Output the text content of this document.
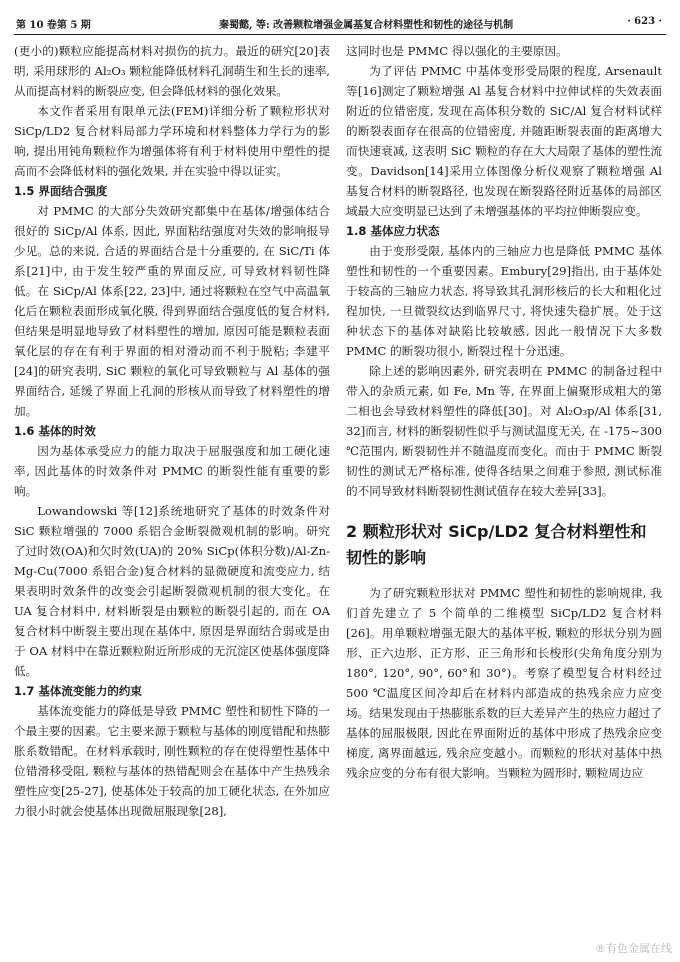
第 10 卷第 5 期	秦蜀懿, 等: 改善颗粒增强金属基复合材料塑性和韧性的途径与机制	· 623 ·

(更小的)颗粒应能提高材料对损伤的抗力。最近的研究[20]表明, 采用球形的 Al₂O₃ 颗粒能降低材料孔洞萌生和生长的速率, 从而提高材料的断裂应变, 但会降低材料的强化效果。

本文作者采用有限单元法(FEM)详细分析了颗粒形状对 SiCp/LD2 复合材料局部力学环境和材料整体力学行为的影响, 提出用钝角颗粒作为增强体将有利于材料使用中塑性的提高而不会降低材料的强化效果, 并在实验中得以证实。

1.5 界面结合强度

对 PMMC 的大部分失效研究都集中在基体/增强体结合很好的 SiCp/Al 体系, 因此, 界面粘结强度对失效的影响报导少见。总的来说, 合适的界面结合是十分重要的, 在 SiC/Ti 体系[21]中, 由于发生较严重的界面反应, 可导致材料韧性降低。在 SiCp/Al 体系[22, 23]中, 通过将颗粒在空气中高温氧化后在颗粒表面形成氧化膜, 得到界面结合强度低的复合材料, 但结果是明显地导致了材料塑性的增加, 原因可能是颗粒表面氧化层的存在有利于界面的相对滑动而不利于脱粘; 李建平[24]的研究表明, SiC 颗粒的氧化可导致颗粒与 Al 基体的强界面结合, 延缓了界面上孔洞的形核从而导致了材料塑性的增加。

1.6 基体的时效

因为基体承受应力的能力取决于屈服强度和加工硬化速率, 因此基体的时效条件对 PMMC 的断裂性能有重要的影响。

Lowandowski 等[12]系统地研究了基体的时效条件对 SiC 颗粒增强的 7000 系铝合金断裂微观机制的影响。研究了过时效(OA)和欠时效(UA)的 20% SiCp(体积分数)/Al-Zn-Mg-Cu(7000 系铝合金)复合材料的显微硬度和流变应力, 结果表明时效条件的改变会引起断裂微观机制的很大变化。在 UA 复合材料中, 材料断裂是由颗粒的断裂引起的, 而在 OA 复合材料中断裂主要出现在基体中, 原因是界面结合弱或是由于 OA 材料中在靠近颗粒附近所形成的无沉淀区使基体强度降低。

1.7 基体流变能力的约束

基体流变能力的降低是导致 PMMC 塑性和韧性下降的一个最主要的因素。它主要来源于颗粒与基体的刚度错配和热膨胀系数错配。在材料承载时, 刚性颗粒的存在使得塑性基体中位错滑移受阻, 颗粒与基体的热错配则会在基体中产生热残余塑性应变[25-27], 使基体处于较高的加工硬化状态, 在外加应力很小时就会使基体出现微屈服现象[28],

这同时也是 PMMC 得以强化的主要原因。

为了评估 PMMC 中基体变形受局限的程度, Arsenault 等[16]测定了颗粒增强 Al 基复合材料中拉伸试样的失效表面附近的位错密度, 发现在高体积分数的 SiC/Al 复合材料试样的断裂表面存在很高的位错密度, 并随距断裂表面的距离增大而快速衰减, 这表明 SiC 颗粒的存在大大局限了基体的塑性流变。Davidson[14]采用立体图像分析仪观察了颗粒增强 Al 基复合材料的断裂路径, 也发现在断裂路径附近基体的局部区域最大应变明显已达到了未增强基体的平均拉伸断裂应变。

1.8 基体应力状态

由于变形受限, 基体内的三轴应力也是降低 PMMC 基体塑性和韧性的一个重要因素。Embury[29]指出, 由于基体处于较高的三轴应力状态, 将导致其孔洞形核后的长大和粗化过程加快, 一旦微裂纹达到临界尺寸, 将快速失稳扩展。处于这种状态下的基体对缺陷比较敏感, 因此一般情况下大多数 PMMC 的断裂功很小, 断裂过程十分迅速。

除上述的影响因素外, 研究表明在 PMMC 的制备过程中带入的杂质元素, 如 Fe, Mn 等, 在界面上偏聚形成粗大的第二相也会导致材料塑性的降低[30]。对 Al₂O₃p/Al 体系[31, 32]而言, 材料的断裂韧性似乎与测试温度无关, 在 -175~300 ℃范围内, 断裂韧性并不随温度而变化。而由于 PMMC 断裂韧性的测试无严格标准, 使得各结果之间难于参照, 测试标准的不同导致材料断裂韧性测试值存在较大差异[33]。

2 颗粒形状对 SiCp/LD2 复合材料塑性和韧性的影响

为了研究颗粒形状对 PMMC 塑性和韧性的影响规律, 我们首先建立了 5 个简单的二维模型 SiCp/LD2 复合材料[26]。用单颗粒增强无限大的基体平板, 颗粒的形状分别为圆形、正六边形、正方形、正三角形和长梭形(尖角角度分别为 180°, 120°, 90°, 60°和 30°)。考察了模型复合材料经过 500 ℃温度区间冷却后在材料内部造成的热残余应力应变场。结果发现由于热膨胀系数的巨大差异产生的热应力超过了基体的屈服极限, 因此在界面附近的基体中形成了热残余应变梯度, 离界面越远, 残余应变越小。而颗粒的形状对基体中热残余应变的分布有很大影响。当颗粒为圆形时, 颗粒周边应

®有色金属在线
